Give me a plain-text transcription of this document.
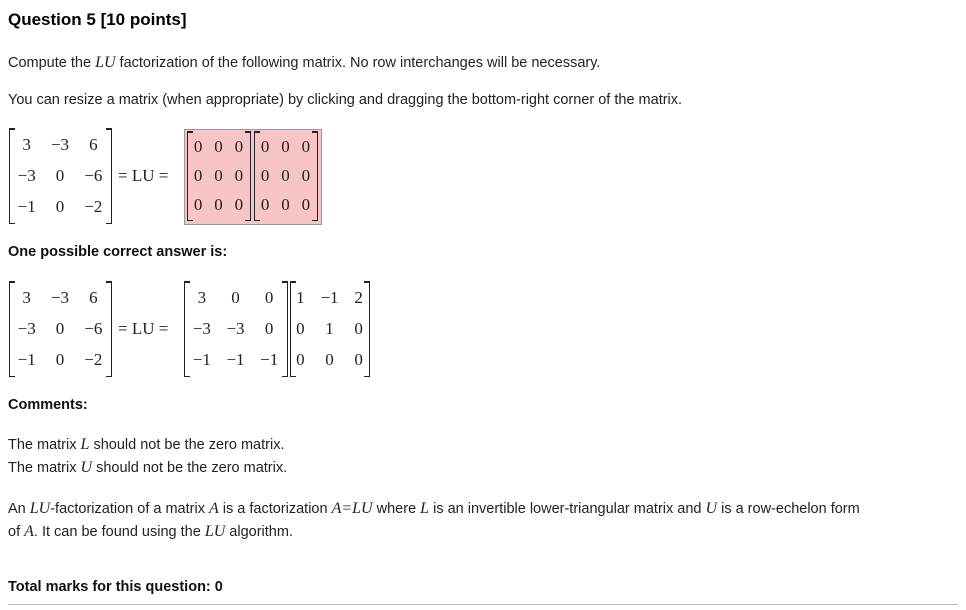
Question 5 [10 points]
Compute the LU factorization of the following matrix. No row interchanges will be necessary.
You can resize a matrix (when appropriate) by clicking and dragging the bottom-right corner of the matrix.
3	−3	6
−3	0	−6
−1	0	−2
= LU =
0	0	0
0	0	0
0	0	0
0	0	0
0	0	0
0	0	0
One possible correct answer is:
3	−3	6
−3	0	−6
−1	0	−2
= LU =
3	0	0
−3	−3	0
−1	−1	−1
1	−1	2
0	1	0
0	0	0
Comments:
The matrix L should not be the zero matrix.
The matrix U should not be the zero matrix.
An LU-factorization of a matrix A is a factorization A=LU where L is an invertible lower-triangular matrix and U is a row-echelon form
of A. It can be found using the LU algorithm.
Total marks for this question: 0
